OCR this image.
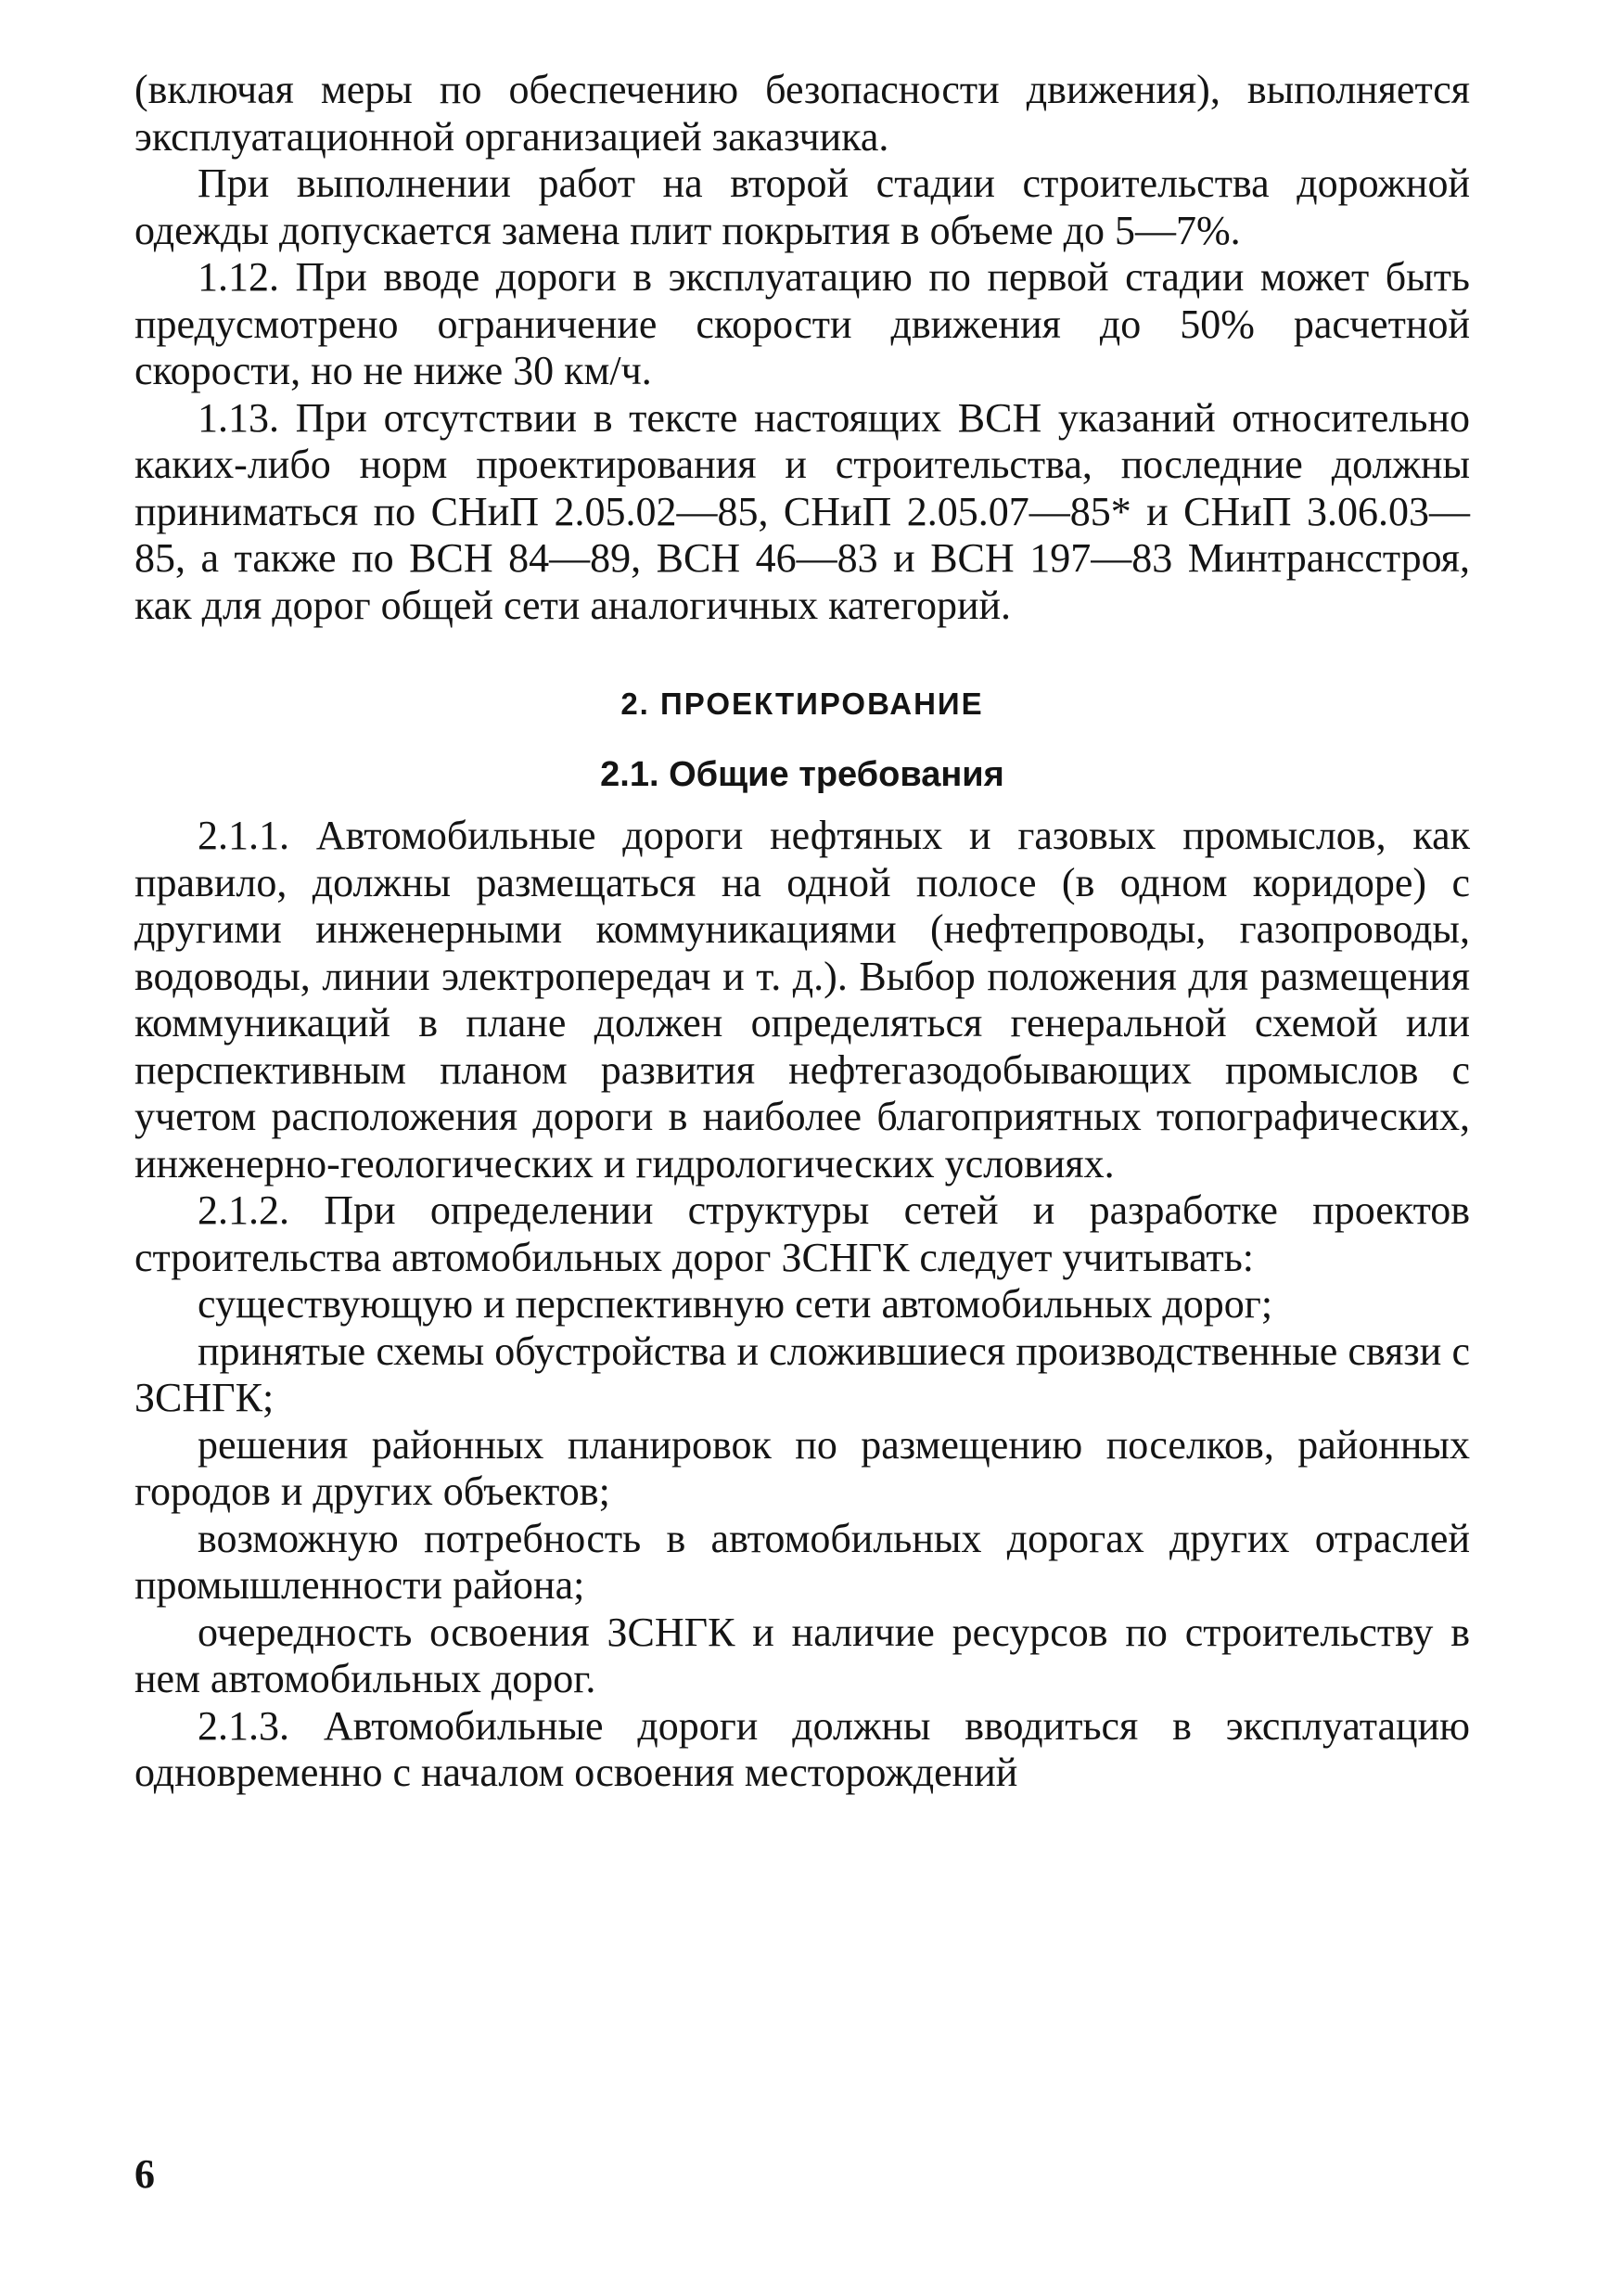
(включая меры по обеспечению безопасности движения), выполняется эксплуатационной организацией заказчика.

При выполнении работ на второй стадии строительства дорожной одежды допускается замена плит покрытия в объеме до 5—7%.

1.12. При вводе дороги в эксплуатацию по первой стадии может быть предусмотрено ограничение скорости движения до 50% расчетной скорости, но не ниже 30 км/ч.

1.13. При отсутствии в тексте настоящих ВСН указаний относительно каких-либо норм проектирования и строительства, последние должны приниматься по СНиП 2.05.02—85, СНиП 2.05.07—85* и СНиП 3.06.03—85, а также по ВСН 84—89, ВСН 46—83 и ВСН 197—83 Минтрансстроя, как для дорог общей сети аналогичных категорий.

2. ПРОЕКТИРОВАНИЕ
2.1. Общие требования

2.1.1. Автомобильные дороги нефтяных и газовых промыслов, как правило, должны размещаться на одной полосе (в одном коридоре) с другими инженерными коммуникациями (нефтепроводы, газопроводы, водоводы, линии электропередач и т. д.). Выбор положения для размещения коммуникаций в плане должен определяться генеральной схемой или перспективным планом развития нефтегазодобывающих промыслов с учетом расположения дороги в наиболее благоприятных топографических, инженерно-геологических и гидрологических условиях.

2.1.2. При определении структуры сетей и разработке проектов строительства автомобильных дорог ЗСНГК следует учитывать:

существующую и перспективную сети автомобильных дорог;

принятые схемы обустройства и сложившиеся производственные связи с ЗСНГК;

решения районных планировок по размещению поселков, районных городов и других объектов;

возможную потребность в автомобильных дорогах других отраслей промышленности района;

очередность освоения ЗСНГК и наличие ресурсов по строительству в нем автомобильных дорог.

2.1.3. Автомобильные дороги должны вводиться в эксплуатацию одновременно с началом освоения месторождений

6
